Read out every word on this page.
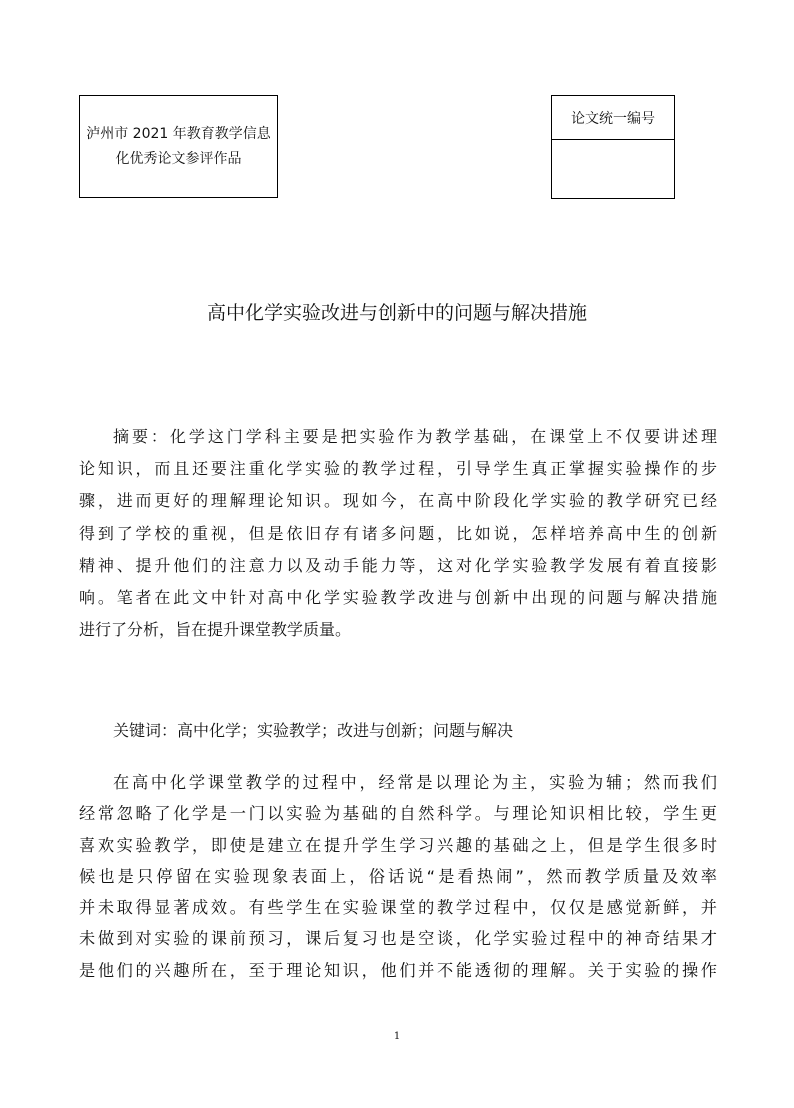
泸州市 2021 年教育教学信息
化优秀论文参评作品
论文统一编号
高中化学实验改进与创新中的问题与解决措施
摘要：化学这门学科主要是把实验作为教学基础，在课堂上不仅要讲述理
论知识，而且还要注重化学实验的教学过程，引导学生真正掌握实验操作的步
骤，进而更好的理解理论知识。现如今，在高中阶段化学实验的教学研究已经
得到了学校的重视，但是依旧存有诸多问题，比如说，怎样培养高中生的创新
精神、提升他们的注意力以及动手能力等，这对化学实验教学发展有着直接影
响。笔者在此文中针对高中化学实验教学改进与创新中出现的问题与解决措施
进行了分析，旨在提升课堂教学质量。
关键词：高中化学；实验教学；改进与创新；问题与解决
在高中化学课堂教学的过程中，经常是以理论为主，实验为辅；然而我们
经常忽略了化学是一门以实验为基础的自然科学。与理论知识相比较，学生更
喜欢实验教学，即使是建立在提升学生学习兴趣的基础之上，但是学生很多时
候也是只停留在实验现象表面上，俗话说“是看热闹”，然而教学质量及效率
并未取得显著成效。有些学生在实验课堂的教学过程中，仅仅是感觉新鲜，并
未做到对实验的课前预习，课后复习也是空谈，化学实验过程中的神奇结果才
是他们的兴趣所在，至于理论知识，他们并不能透彻的理解。关于实验的操作
1
